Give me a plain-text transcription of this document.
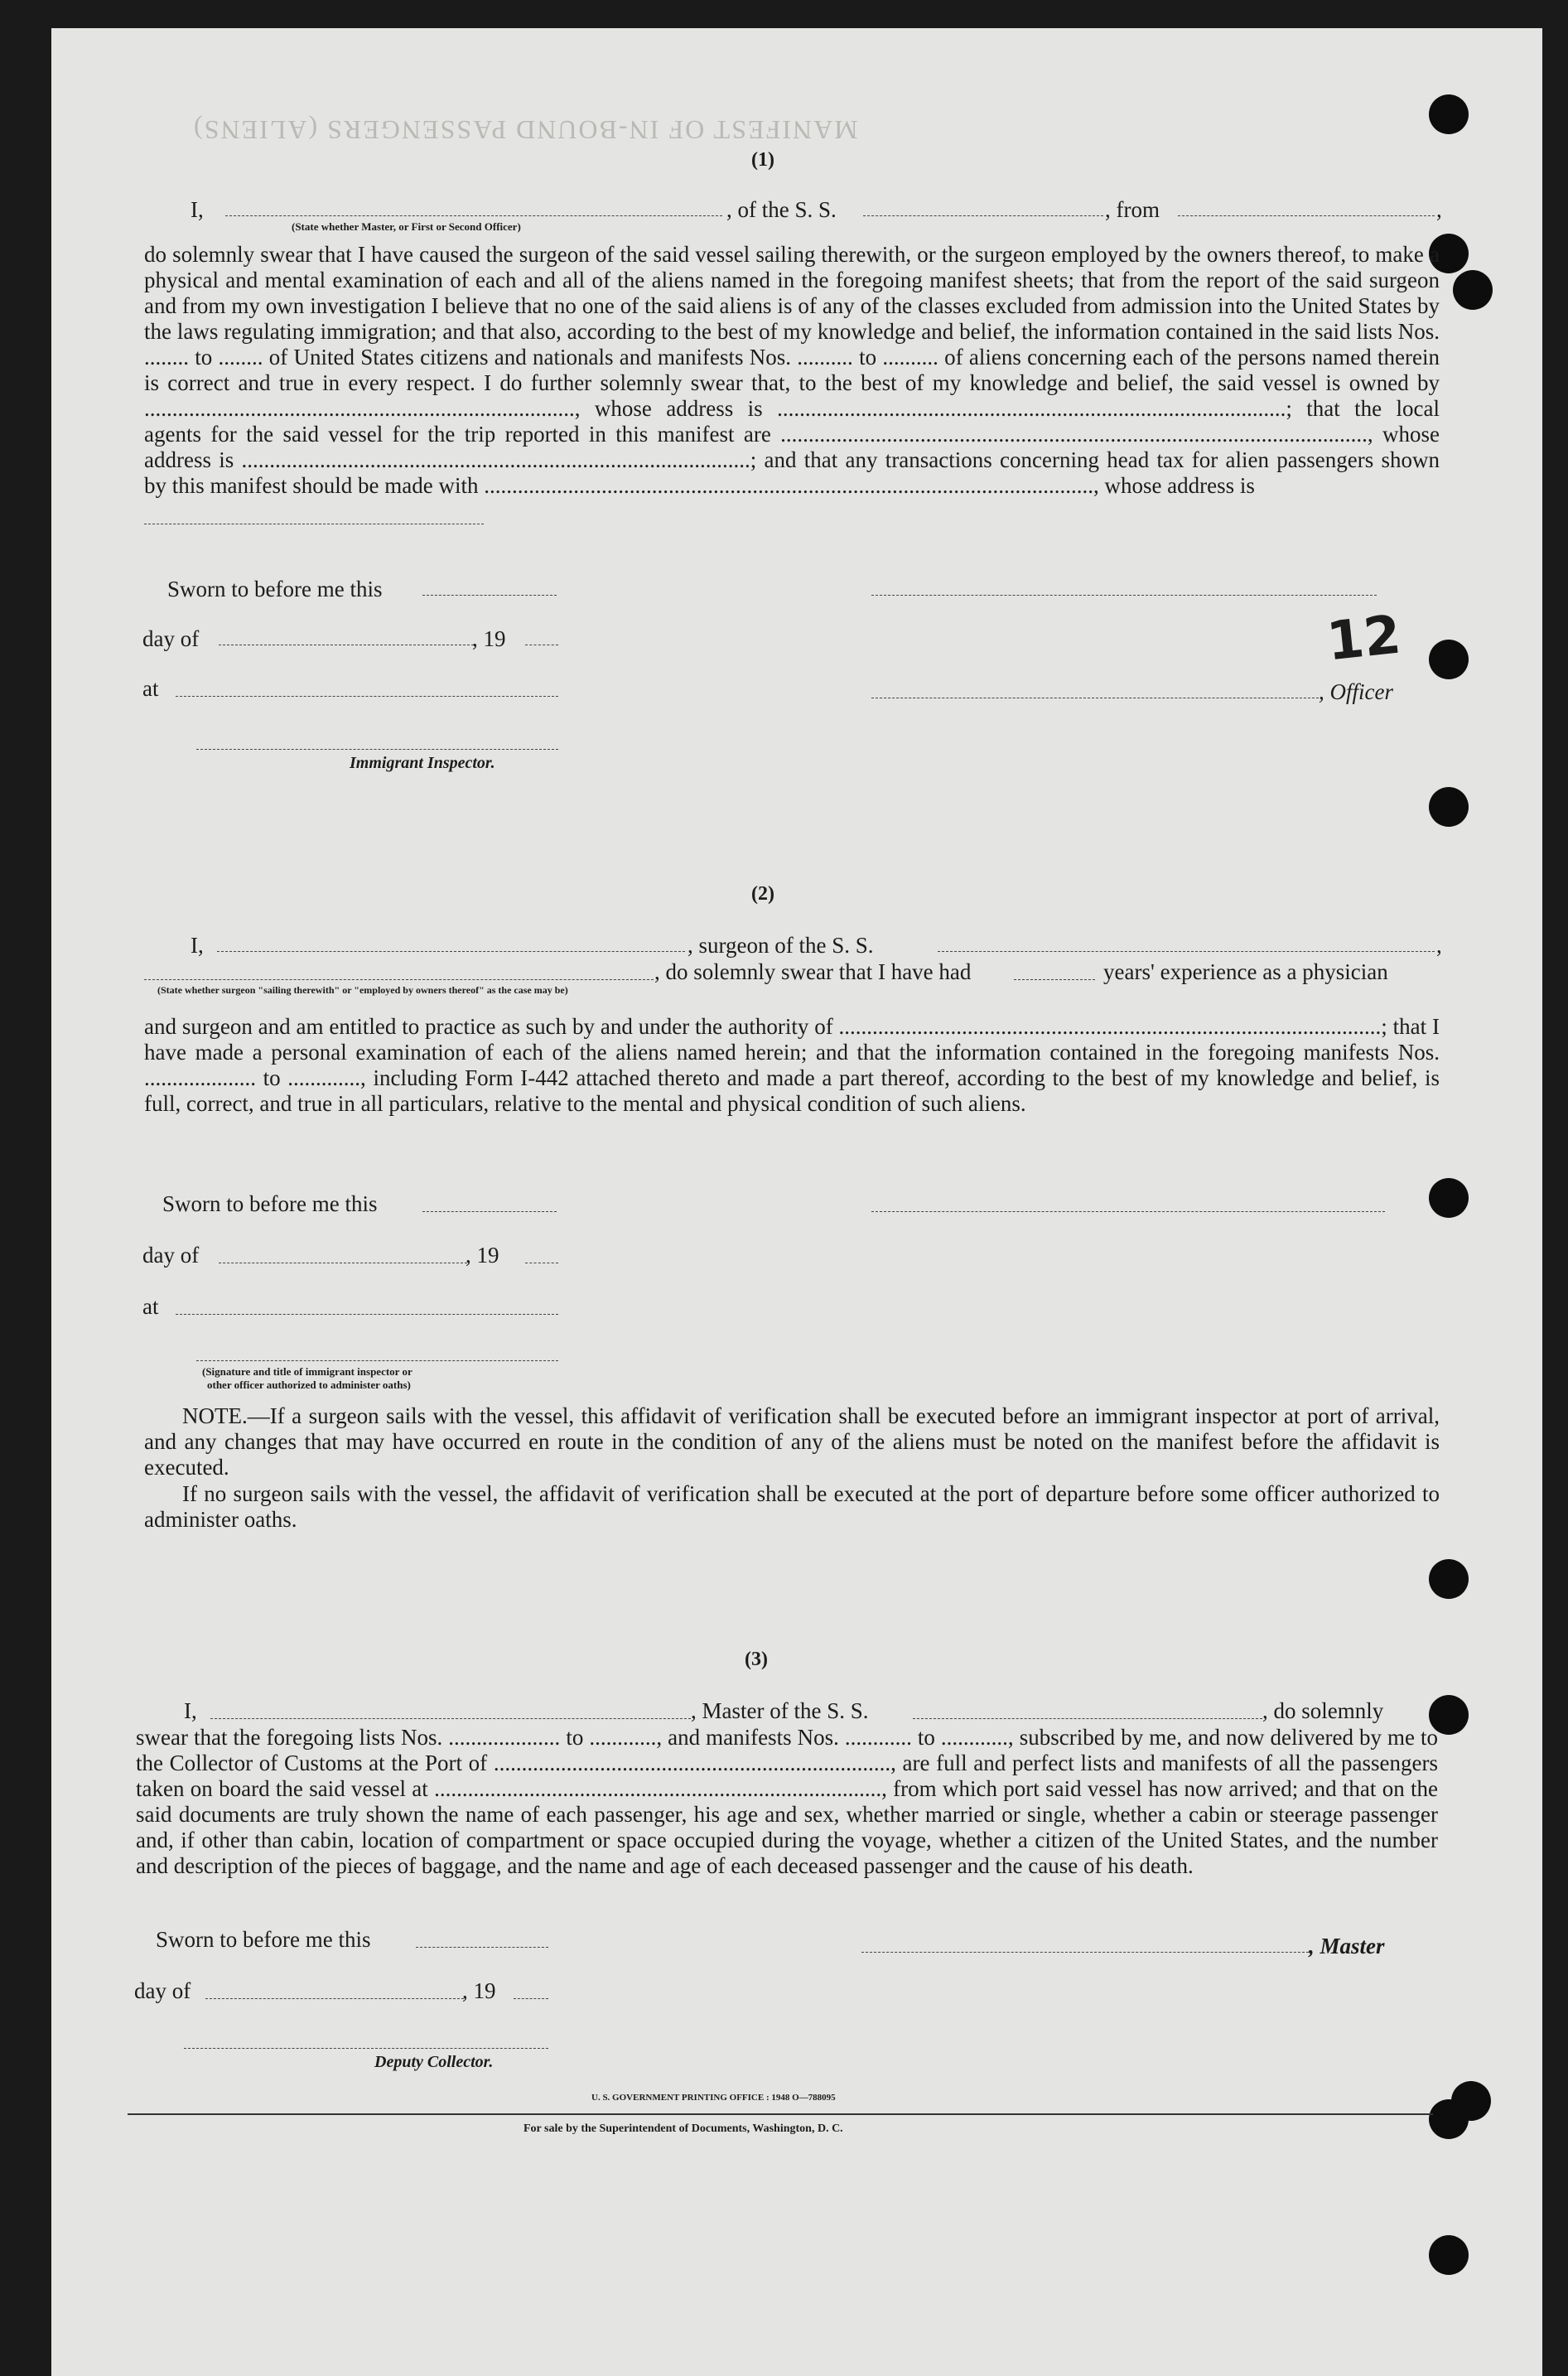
MANIFEST OF IN-BOUND PASSENGERS (ALIENS)
(1)
I,	, of the S. S.	, from	,
(State whether Master, or First or Second Officer)

do solemnly swear that I have caused the surgeon of the said vessel sailing therewith, or the surgeon employed by the owners thereof, to make a physical and mental examination of each and all of the aliens named in the foregoing manifest sheets; that from the report of the said surgeon and from my own investigation I believe that no one of the said aliens is of any of the classes excluded from admission into the United States by the laws regulating immigration; and that also, according to the best of my knowledge and belief, the information contained in the said lists Nos. ........ to ........ of United States citizens and nationals and manifests Nos. .......... to .......... of aliens concerning each of the persons named therein is correct and true in every respect. I do further solemnly swear that, to the best of my knowledge and belief, the said vessel is owned by ............................................................................., whose address is ...........................................................................................; that the local agents for the said vessel for the trip reported in this manifest are ........................................................................................................., whose address is ...........................................................................................; and that any transactions concerning head tax for alien passengers shown by this manifest should be made with ............................................................................................................., whose address is

Sworn to before me this
day of	, 19	12
, Officer
at
Immigrant Inspector.
(2)
I,	, surgeon of the S. S.	,
, do solemnly swear that I have had	years' experience as a physician
(State whether surgeon "sailing therewith" or "employed by owners thereof" as the case may be)

and surgeon and am entitled to practice as such by and under the authority of .................................................................................................; that I have made a personal examination of each of the aliens named herein; and that the information contained in the foregoing manifests Nos. .................... to ............., including Form I-442 attached thereto and made a part thereof, according to the best of my knowledge and belief, is full, correct, and true in all particulars, relative to the mental and physical condition of such aliens.

Sworn to before me this
day of	, 19
at
(Signature and title of immigrant inspector or
other officer authorized to administer oaths)

NOTE.—If a surgeon sails with the vessel, this affidavit of verification shall be executed before an immigrant inspector at port of arrival, and any changes that may have occurred en route in the condition of any of the aliens must be noted on the manifest before the affidavit is executed.

If no surgeon sails with the vessel, the affidavit of verification shall be executed at the port of departure before some officer authorized to administer oaths.

(3)
I,	, Master of the S. S.	, do solemnly

swear that the foregoing lists Nos. .................... to ............, and manifests Nos. ............ to ............, subscribed by me, and now delivered by me to the Collector of Customs at the Port of ......................................................................., are full and perfect lists and manifests of all the passengers taken on board the said vessel at ................................................................................, from which port said vessel has now arrived; and that on the said documents are truly shown the name of each passenger, his age and sex, whether married or single, whether a cabin or steerage passenger and, if other than cabin, location of compartment or space occupied during the voyage, whether a citizen of the United States, and the number and description of the pieces of baggage, and the name and age of each deceased passenger and the cause of his death.

Sworn to before me this	, Master
day of	, 19
Deputy Collector.
U. S. GOVERNMENT PRINTING OFFICE : 1948 O—788095
For sale by the Superintendent of Documents, Washington, D. C.
